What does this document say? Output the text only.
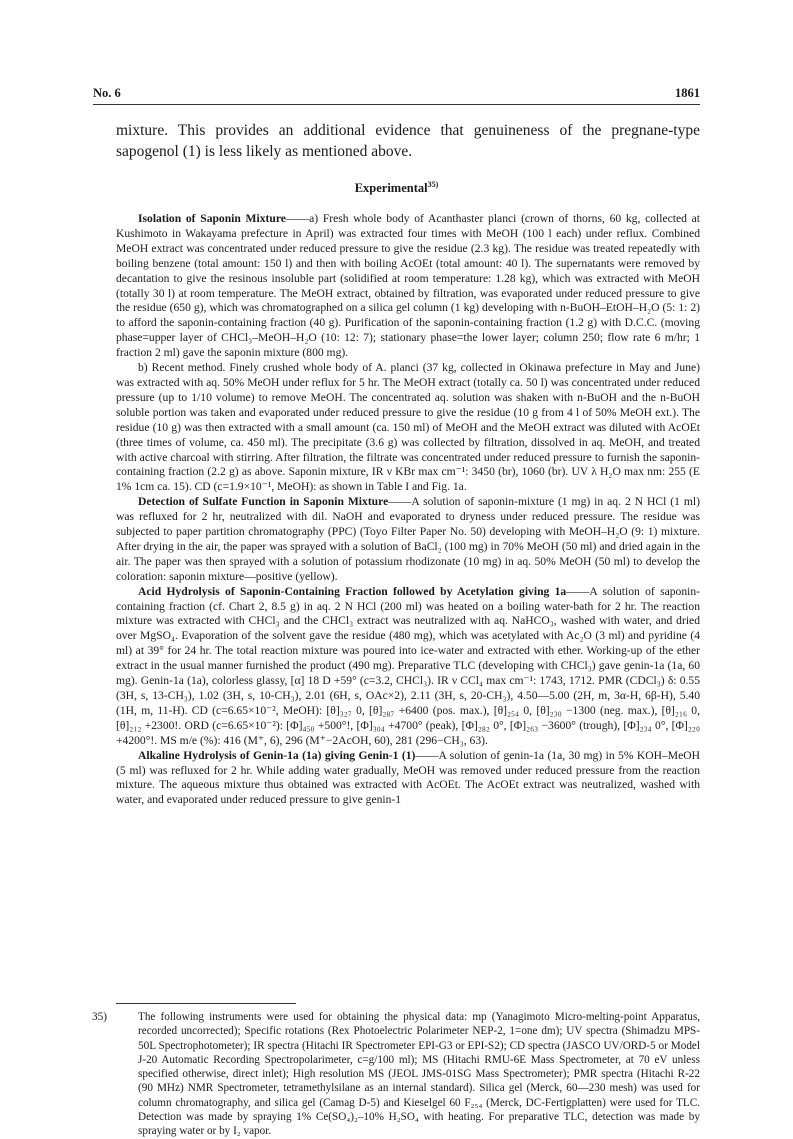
No. 6	1861
mixture. This provides an additional evidence that genuineness of the pregnane-type sapogenol (1) is less likely as mentioned above.
Experimental$^{35)}$

Isolation of Saponin Mixture——a) Fresh whole body of Acanthaster planci (crown of thorns, 60 kg, collected at Kushimoto in Wakayama prefecture in April) was extracted four times with MeOH (100 l each) under reflux. Combined MeOH extract was concentrated under reduced pressure to give the residue (2.3 kg). The residue was treated repeatedly with boiling benzene (total amount: 150 l) and then with boiling AcOEt (total amount: 40 l). The supernatants were removed by decantation to give the resinous insoluble part (solidified at room temperature: 1.28 kg), which was extracted with MeOH (totally 30 l) at room temperature. The MeOH extract, obtained by filtration, was evaporated under reduced pressure to give the residue (650 g), which was chromatographed on a silica gel column (1 kg) developing with n-BuOH–EtOH–H₂O (5: 1: 2) to afford the saponin-containing fraction (40 g). Purification of the saponin-containing fraction (1.2 g) with D.C.C. (moving phase=upper layer of CHCl₃–MeOH–H₂O (10: 12: 7); stationary phase=the lower layer; column 250; flow rate 6 m/hr; 1 fraction 2 ml) gave the saponin mixture (800 mg).

b) Recent method. Finely crushed whole body of A. planci (37 kg, collected in Okinawa prefecture in May and June) was extracted with aq. 50% MeOH under reflux for 5 hr. The MeOH extract (totally ca. 50 l) was concentrated under reduced pressure (up to 1/10 volume) to remove MeOH. The concentrated aq. solution was shaken with n-BuOH and the n-BuOH soluble portion was taken and evaporated under reduced pressure to give the residue (10 g from 4 l of 50% MeOH ext.). The residue (10 g) was then extracted with a small amount (ca. 150 ml) of MeOH and the MeOH extract was diluted with AcOEt (three times of volume, ca. 450 ml). The precipitate (3.6 g) was collected by filtration, dissolved in aq. MeOH, and treated with active charcoal with stirring. After filtration, the filtrate was concentrated under reduced pressure to furnish the saponin-containing fraction (2.2 g) as above. Saponin mixture, IR ν KBr max cm⁻¹: 3450 (br), 1060 (br). UV λ H₂O max nm: 255 (E 1% 1cm ca. 15). CD (c=1.9×10⁻¹, MeOH): as shown in Table I and Fig. 1a.

Detection of Sulfate Function in Saponin Mixture——A solution of saponin-mixture (1 mg) in aq. 2 N HCl (1 ml) was refluxed for 2 hr, neutralized with dil. NaOH and evaporated to dryness under reduced pressure. The residue was subjected to paper partition chromatography (PPC) (Toyo Filter Paper No. 50) developing with MeOH–H₂O (9: 1) mixture. After drying in the air, the paper was sprayed with a solution of BaCl₂ (100 mg) in 70% MeOH (50 ml) and dried again in the air. The paper was then sprayed with a solution of potassium rhodizonate (10 mg) in aq. 50% MeOH (50 ml) to develop the coloration: saponin mixture—positive (yellow).

Acid Hydrolysis of Saponin-Containing Fraction followed by Acetylation giving 1a——A solution of saponin-containing fraction (cf. Chart 2, 8.5 g) in aq. 2 N HCl (200 ml) was heated on a boiling water-bath for 2 hr. The reaction mixture was extracted with CHCl₃ and the CHCl₃ extract was neutralized with aq. NaHCO₃, washed with water, and dried over MgSO₄. Evaporation of the solvent gave the residue (480 mg), which was acetylated with Ac₂O (3 ml) and pyridine (4 ml) at 39° for 24 hr. The total reaction mixture was poured into ice-water and extracted with ether. Working-up of the ether extract in the usual manner furnished the product (490 mg). Preparative TLC (developing with CHCl₃) gave genin-1a (1a, 60 mg). Genin-1a (1a), colorless glassy, [α] 18 D +59° (c=3.2, CHCl₃). IR ν CCl₄ max cm⁻¹: 1743, 1712. PMR (CDCl₃) δ: 0.55 (3H, s, 13-CH₃), 1.02 (3H, s, 10-CH₃), 2.01 (6H, s, OAc×2), 2.11 (3H, s, 20-CH₃), 4.50—5.00 (2H, m, 3α-H, 6β-H), 5.40 (1H, m, 11-H). CD (c=6.65×10⁻², MeOH): [θ]₃₂₇ 0, [θ]₂₈₇ +6400 (pos. max.), [θ]₂₅₄ 0, [θ]₂₃₀ −1300 (neg. max.), [θ]₂₁₆ 0, [θ]₂₁₂ +2300!. ORD (c=6.65×10⁻²): [Φ]₄₅₀ +500°!, [Φ]₃₀₄ +4700° (peak), [Φ]₂₈₂ 0°, [Φ]₂₆₃ −3600° (trough), [Φ]₂₃₄ 0°, [Φ]₂₂₀ +4200°!. MS m/e (%): 416 (M⁺, 6), 296 (M⁺−2AcOH, 60), 281 (296−CH₃, 63).

Alkaline Hydrolysis of Genin-1a (1a) giving Genin-1 (1)——A solution of genin-1a (1a, 30 mg) in 5% KOH–MeOH (5 ml) was refluxed for 2 hr. While adding water gradually, MeOH was removed under reduced pressure from the reaction mixture. The aqueous mixture thus obtained was extracted with AcOEt. The AcOEt extract was neutralized, washed with water, and evaporated under reduced pressure to give genin-1

35)	The following instruments were used for obtaining the physical data: mp (Yanagimoto Micro-melting-point Apparatus, recorded uncorrected); Specific rotations (Rex Photoelectric Polarimeter NEP-2, 1=one dm); UV spectra (Shimadzu MPS-50L Spectrophotometer); IR spectra (Hitachi IR Spectrometer EPI-G3 or EPI-S2); CD spectra (JASCO UV/ORD-5 or Model J-20 Automatic Recording Spectropolarimeter, c=g/100 ml); MS (Hitachi RMU-6E Mass Spectrometer, at 70 eV unless specified otherwise, direct inlet); High resolution MS (JEOL JMS-01SG Mass Spectrometer); PMR spectra (Hitachi R-22 (90 MHz) NMR Spectrometer, tetramethylsilane as an internal standard). Silica gel (Merck, 60—230 mesh) was used for column chromatography, and silica gel (Camag D-5) and Kieselgel 60 F₂₅₄ (Merck, DC-Fertigplatten) were used for TLC. Detection was made by spraying 1% Ce(SO₄)₂–10% H₂SO₄ with heating. For preparative TLC, detection was made by spraying water or by I₂ vapor.
